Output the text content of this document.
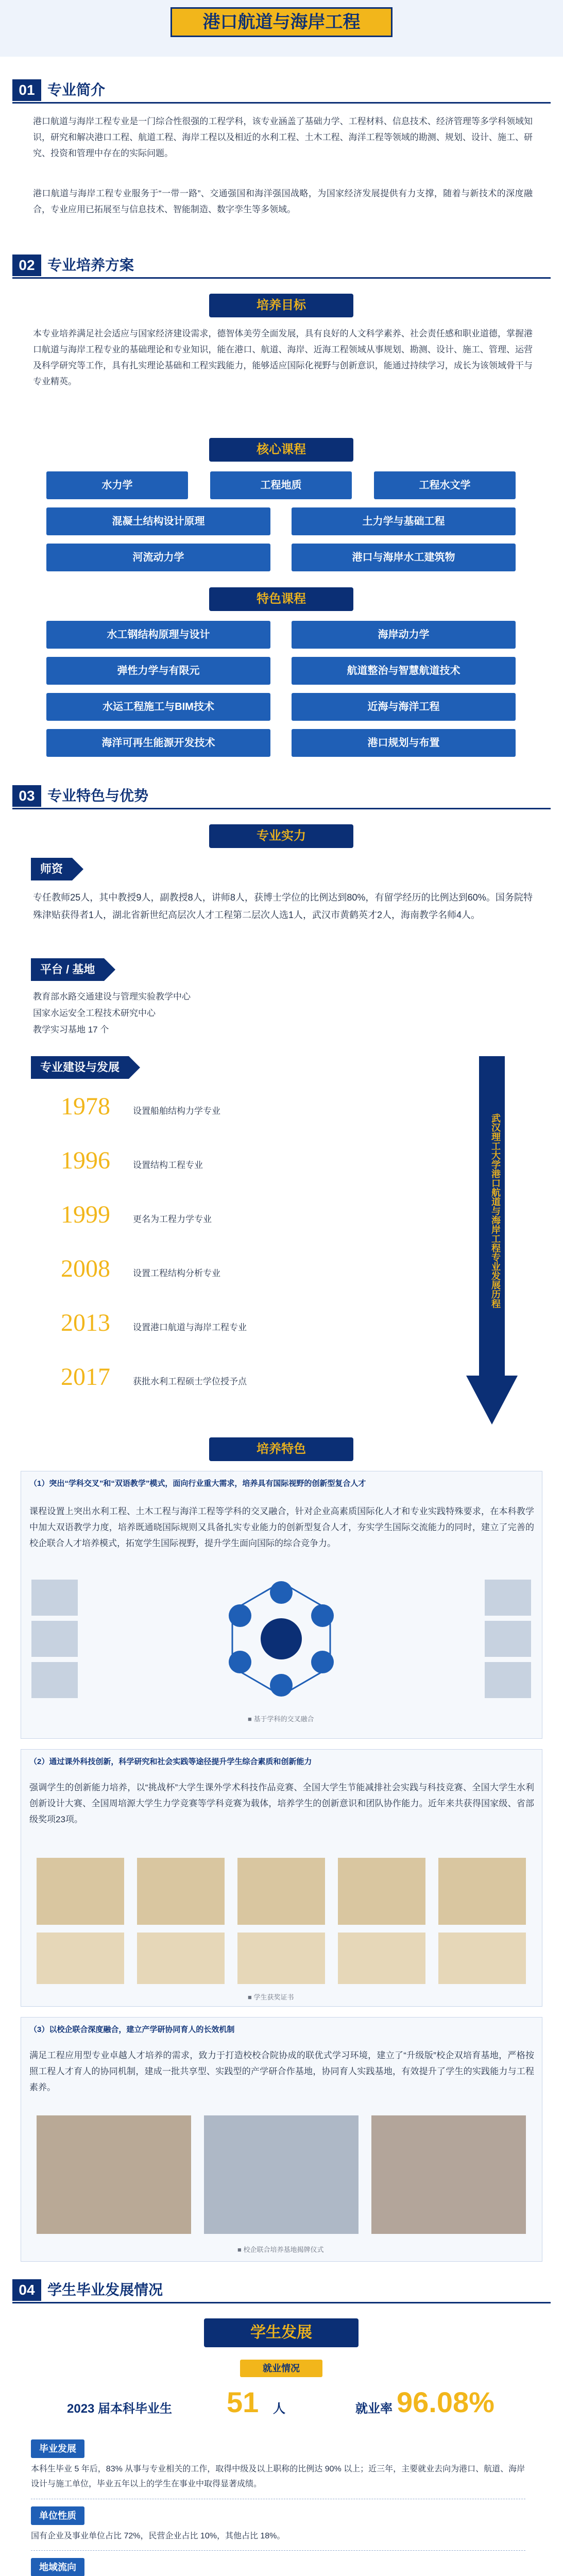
港口航道与海岸工程
01 专业简介
港口航道与海岸工程专业是一门综合性很强的工程学科，该专业涵盖了基础力学、工程材料、信息技术、经济管理等多学科领域知识，研究和解决港口工程、航道工程、海岸工程以及相近的水利工程、土木工程、海洋工程等领域的勘测、规划、设计、施工、研究、投资和管理中存在的实际问题。
港口航道与海岸工程专业服务于“一带一路”、交通强国和海洋强国战略，为国家经济发展提供有力支撑，随着与新技术的深度融合，专业应用已拓展至与信息技术、智能制造、数字孪生等多领域。
02 专业培养方案
培养目标
本专业培养满足社会适应与国家经济建设需求，德智体美劳全面发展，具有良好的人文科学素养、社会责任感和职业道德，掌握港口航道与海岸工程专业的基础理论和专业知识，能在港口、航道、海岸、近海工程领域从事规划、勘测、设计、施工、管理、运营及科学研究等工作，具有扎实理论基础和工程实践能力，能够适应国际化视野与创新意识，能通过持续学习，成长为该领域骨干与专业精英。
核心课程
水力学	工程地质	工程水文学
混凝土结构设计原理	土力学与基础工程
河流动力学	港口与海岸水工建筑物
特色课程
水工钢结构原理与设计	海岸动力学
弹性力学与有限元	航道整治与智慧航道技术
水运工程施工与BIM技术	近海与海洋工程
海洋可再生能源开发技术	港口规划与布置
03 专业特色与优势
专业实力
师资
专任教师25人，其中教授9人，副教授8人，讲师8人，获博士学位的比例达到80%，有留学经历的比例达到60%。国务院特殊津贴获得者1人，湖北省新世纪高层次人才工程第二层次人选1人，武汉市黄鹤英才2人，海南教学名师4人。
平台 / 基地
教育部水路交通建设与管理实验教学中心
国家水运安全工程技术研究中心
教学实习基地 17 个
专业建设与发展
1978	设置船舶结构力学专业
1996	设置结构工程专业
1999	更名为工程力学专业
2008	设置工程结构分析专业
2013	设置港口航道与海岸工程专业
2017	获批水利工程硕士学位授予点
武汉理工大学港口航道与海岸工程专业发展历程
培养特色
（1）突出“学科交叉”和“双语教学”模式，面向行业重大需求，培养具有国际视野的创新型复合人才
课程设置上突出水利工程、土木工程与海洋工程等学科的交叉融合，针对企业高素质国际化人才和专业实践特殊要求，在本科教学中加大双语教学力度，培养既通晓国际规则又具备扎实专业能力的创新型复合人才，夯实学生国际交流能力的同时，建立了完善的校企联合人才培养模式，拓宽学生国际视野，提升学生面向国际的综合竞争力。
■ 基于学科的交叉融合
（2）通过课外科技创新，科学研究和社会实践等途径提升学生综合素质和创新能力
强调学生的创新能力培养，以“挑战杯”大学生课外学术科技作品竞赛、全国大学生节能减排社会实践与科技竞赛、全国大学生水利创新设计大赛、全国周培源大学生力学竞赛等学科竞赛为载体，培养学生的创新意识和团队协作能力。近年来共获得国家级、省部级奖项23项。
■ 学生获奖证书
（3）以校企联合深度融合，建立产学研协同育人的长效机制
满足工程应用型专业卓越人才培养的需求，致力于打造校校合院协成的联优式学习环境，建立了“升级版”校企双培育基地，严格按照工程人才育人的协同机制，建成一批共享型、实践型的产学研合作基地，协同育人实践基地，有效提升了学生的实践能力与工程素养。
■ 校企联合培养基地揭牌仪式
04 学生毕业发展情况
学生发展
就业情况
2023 届本科毕业生 51 人	就业率 96.08%
毕业发展
本科生毕业 5 年后，83% 从事与专业相关的工作，取得中级及以上职称的比例达 90% 以上；近三年，主要就业去向为港口、航道、海岸设计与施工单位，毕业五年以上的学生在事业中取得显著成绩。
单位性质
国有企业及事业单位占比 72%，民营企业占比 10%，其他占比 18%。
地域流向
